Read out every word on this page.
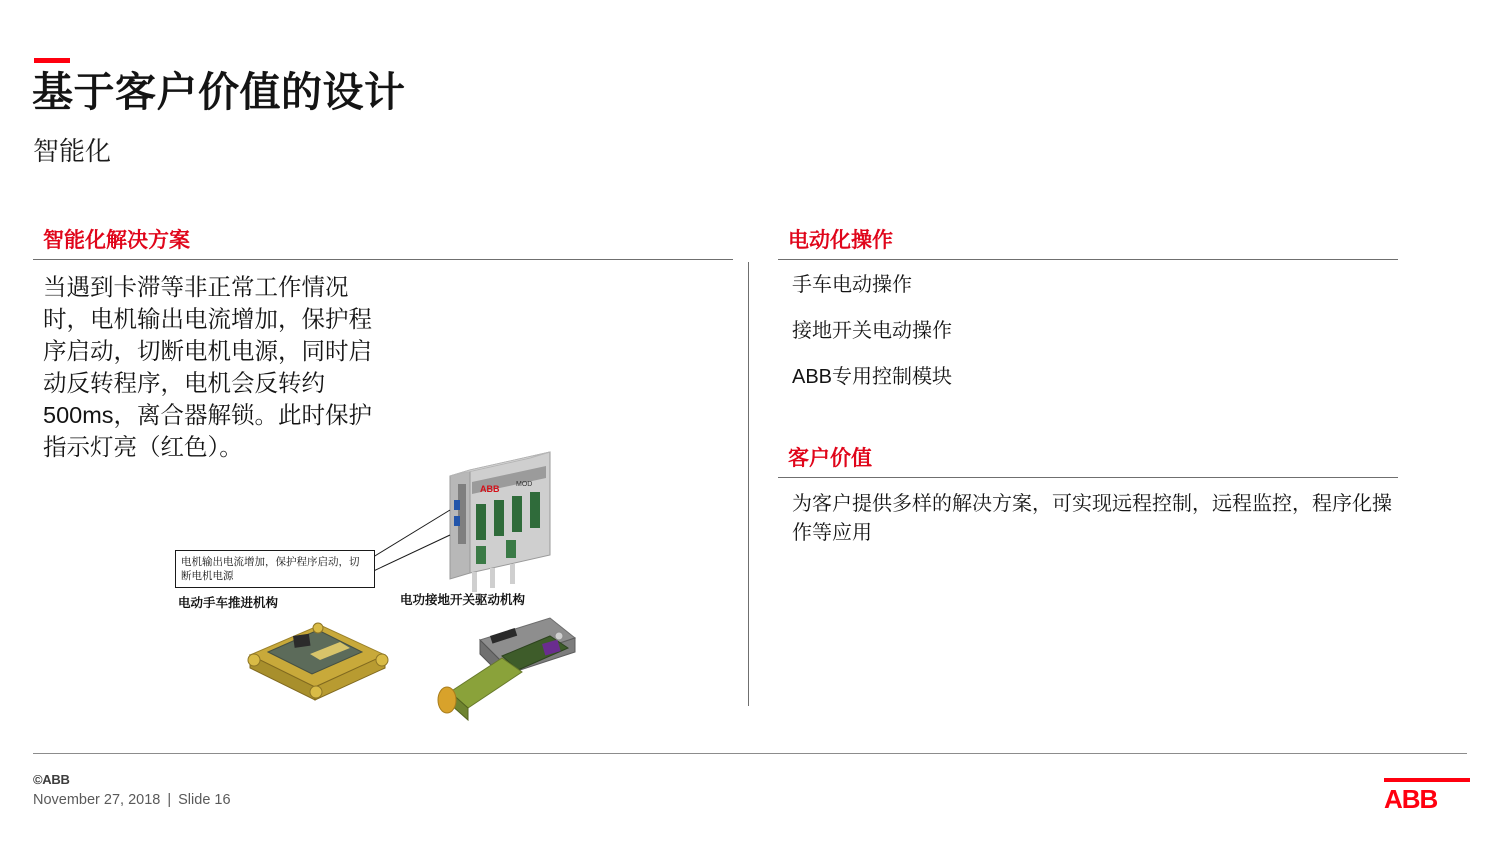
基于客户价值的设计
智能化
智能化解决方案

当遇到卡滞等非正常工作情况时，电机输出电流增加，保护程序启动，切断电机电源，同时启动反转程序，电机会反转约500ms，离合器解锁。此时保护指示灯亮（红色）。

ABB MOD
电机输出电流增加，保护程序启动，切断电机电源
电动手车推进机构	电功接地开关驱动机构
电动化操作
手车电动操作
接地开关电动操作
ABB专用控制模块
客户价值

为客户提供多样的解决方案，可实现远程控制，远程监控，程序化操作等应用

©ABB
November 27, 2018 | Slide 16	ABB
